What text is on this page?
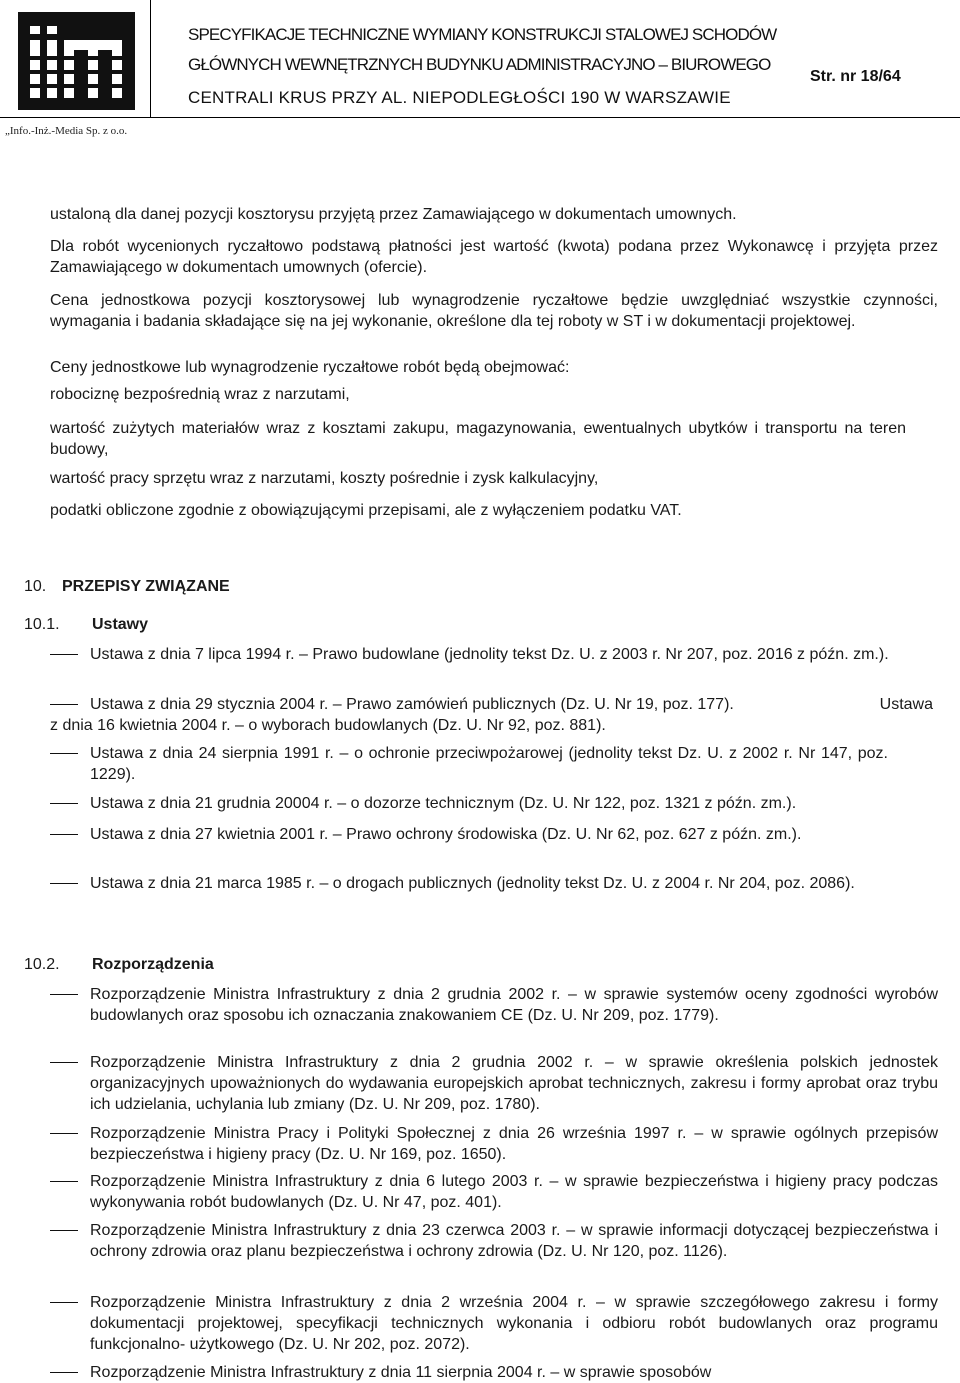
SPECYFIKACJE TECHNICZNE WYMIANY KONSTRUKCJI STALOWEJ SCHODÓW
GŁÓWNYCH WEWNĘTRZNYCH BUDYNKU ADMINISTRACYJNO – BIUROWEGO
CENTRALI KRUS PRZY AL. NIEPODLEGŁOŚCI 190 W WARSZAWIE
Str. nr 18/64
„Info.-Inż.-Media Sp. z o.o.
ustaloną dla danej pozycji kosztorysu przyjętą przez Zamawiającego w dokumentach umownych.
Dla robót wycenionych ryczałtowo podstawą płatności jest wartość (kwota) podana przez Wykonawcę i przyjęta przez Zamawiającego w dokumentach umownych (ofercie).
Cena jednostkowa pozycji kosztorysowej lub wynagrodzenie ryczałtowe będzie uwzględniać wszystkie czynności, wymagania i badania składające się na jej wykonanie, określone dla tej roboty w ST i w dokumentacji projektowej.
Ceny jednostkowe lub wynagrodzenie ryczałtowe robót będą obejmować:
robociznę bezpośrednią wraz z narzutami,
wartość zużytych materiałów wraz z kosztami zakupu, magazynowania, ewentualnych ubytków i transportu na teren budowy,
wartość pracy sprzętu wraz z narzutami, koszty pośrednie i zysk kalkulacyjny,
podatki obliczone zgodnie z obowiązującymi przepisami, ale z wyłączeniem podatku VAT.
10. PRZEPISY ZWIĄZANE
10.1. Ustawy
Ustawa z dnia 7 lipca 1994 r. – Prawo budowlane (jednolity tekst Dz. U. z 2003 r. Nr 207, poz. 2016 z późn. zm.).
Ustawa z dnia 29 stycznia 2004 r. – Prawo zamówień publicznych (Dz. U. Nr 19, poz. 177).	Ustawa
z dnia 16 kwietnia 2004 r. – o wyborach budowlanych (Dz. U. Nr 92, poz. 881).
Ustawa z dnia 24 sierpnia 1991 r. – o ochronie przeciwpożarowej (jednolity tekst Dz. U. z 2002 r. Nr 147, poz. 1229).
Ustawa z dnia 21 grudnia 20004 r. – o dozorze technicznym (Dz. U. Nr 122, poz. 1321 z późn. zm.).
Ustawa z dnia 27 kwietnia 2001 r. – Prawo ochrony środowiska (Dz. U. Nr 62, poz. 627 z późn. zm.).
Ustawa z dnia 21 marca 1985 r. – o drogach publicznych (jednolity tekst Dz. U. z 2004 r. Nr 204, poz. 2086).
10.2. Rozporządzenia
Rozporządzenie Ministra Infrastruktury z dnia 2 grudnia 2002 r. – w sprawie systemów oceny zgodności wyrobów budowlanych oraz sposobu ich oznaczania znakowaniem CE (Dz. U. Nr 209, poz. 1779).
Rozporządzenie Ministra Infrastruktury z dnia 2 grudnia 2002 r. – w sprawie określenia polskich jednostek organizacyjnych upoważnionych do wydawania europejskich aprobat technicznych, zakresu i formy aprobat oraz trybu ich udzielania, uchylania lub zmiany (Dz. U. Nr 209, poz. 1780).
Rozporządzenie Ministra Pracy i Polityki Społecznej z dnia 26 września 1997 r. – w sprawie ogólnych przepisów bezpieczeństwa i higieny pracy (Dz. U. Nr 169, poz. 1650).
Rozporządzenie Ministra Infrastruktury z dnia 6 lutego 2003 r. – w sprawie bezpieczeństwa i higieny pracy podczas wykonywania robót budowlanych (Dz. U. Nr 47, poz. 401).
Rozporządzenie Ministra Infrastruktury z dnia 23 czerwca 2003 r. – w sprawie informacji dotyczącej bezpieczeństwa i ochrony zdrowia oraz planu bezpieczeństwa i ochrony zdrowia (Dz. U. Nr 120, poz. 1126).
Rozporządzenie Ministra Infrastruktury z dnia 2 września 2004 r. – w sprawie szczegółowego zakresu i formy dokumentacji projektowej, specyfikacji technicznych wykonania i odbioru robót budowlanych oraz programu funkcjonalno- użytkowego (Dz. U. Nr 202, poz. 2072).
Rozporządzenie Ministra Infrastruktury z dnia 11 sierpnia 2004 r. – w sprawie sposobów
